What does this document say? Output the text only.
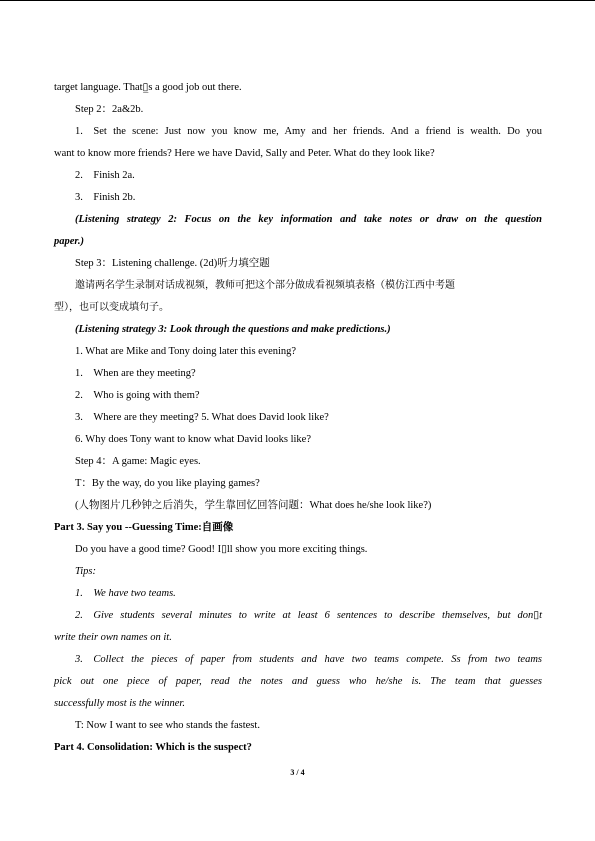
target language. That▯̲s a good job out there.
Step 2：2a&2b.
1. Set the scene: Just now you know me, Amy and her friends. And a friend is wealth. Do you
want to know more friends? Here we have David, Sally and Peter. What do they look like?
2. Finish 2a.
3. Finish 2b.
(Listening strategy 2: Focus on the key information and take notes or draw on the question
paper.)
Step 3：Listening challenge. (2d)听力填空题
邀请两名学生录制对话成视频，教师可把这个部分做成看视频填表格（模仿江西中考题
型），也可以变成填句子。
(Listening strategy 3: Look through the questions and make predictions.)
1. What are Mike and Tony doing later this evening?
1. When are they meeting?
2. Who is going with them?
3. Where are they meeting? 5. What does David look like?
6. Why does Tony want to know what David looks like?
Step 4：A game: Magic eyes.
T：By the way, do you like playing games?
(人物图片几秒钟之后消失，学生靠回忆回答问题：What does he/she look like?)
Part 3. Say you --Guessing Time:自画像
Do you have a good time? Good! I▯ll show you more exciting things.
Tips:
1. We have two teams.
2. Give students several minutes to write at least 6 sentences to describe themselves, but don▯t
write their own names on it.
3. Collect the pieces of paper from students and have two teams compete. Ss from two teams
pick out one piece of paper, read the notes and guess who he/she is. The team that guesses
successfully most is the winner.
T: Now I want to see who stands the fastest.
Part 4. Consolidation: Which is the suspect?
3 / 4
